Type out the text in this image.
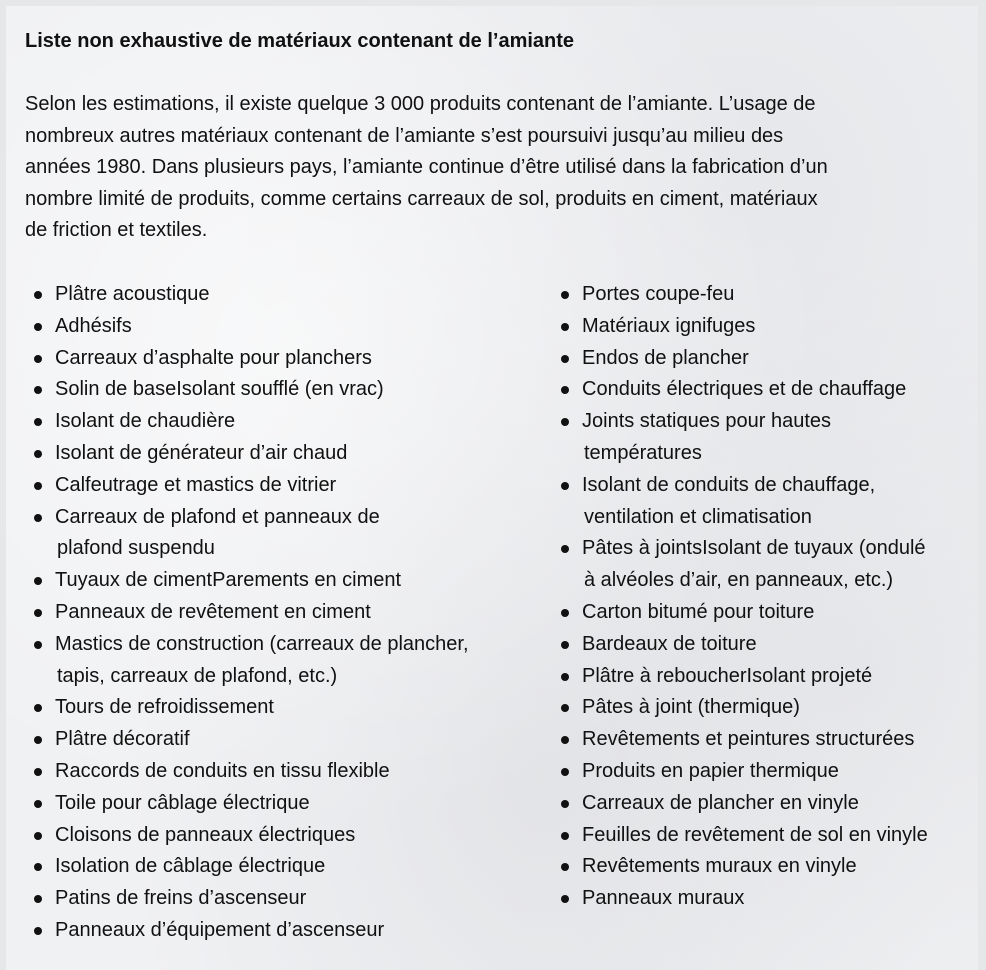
Liste non exhaustive de matériaux contenant de l’amiante

Selon les estimations, il existe quelque 3 000 produits contenant de l’amiante. L’usage de
nombreux autres matériaux contenant de l’amiante s’est poursuivi jusqu’au milieu des
années 1980. Dans plusieurs pays, l’amiante continue d’être utilisé dans la fabrication d’un
nombre limité de produits, comme certains carreaux de sol, produits en ciment, matériaux
de friction et textiles.

Plâtre acoustique
Adhésifs
Carreaux d’asphalte pour planchers
Solin de baseIsolant soufflé (en vrac)
Isolant de chaudière
Isolant de générateur d’air chaud
Calfeutrage et mastics de vitrier
Carreaux de plafond et panneaux de
plafond suspendu
Tuyaux de cimentParements en ciment
Panneaux de revêtement en ciment
Mastics de construction (carreaux de plancher,
tapis, carreaux de plafond, etc.)
Tours de refroidissement
Plâtre décoratif
Raccords de conduits en tissu flexible
Toile pour câblage électrique
Cloisons de panneaux électriques
Isolation de câblage électrique
Patins de freins d’ascenseur
Panneaux d’équipement d’ascenseur
Portes coupe-feu
Matériaux ignifuges
Endos de plancher
Conduits électriques et de chauffage
Joints statiques pour hautes
températures
Isolant de conduits de chauffage,
ventilation et climatisation
Pâtes à jointsIsolant de tuyaux (ondulé
à alvéoles d’air, en panneaux, etc.)
Carton bitumé pour toiture
Bardeaux de toiture
Plâtre à reboucherIsolant projeté
Pâtes à joint (thermique)
Revêtements et peintures structurées
Produits en papier thermique
Carreaux de plancher en vinyle
Feuilles de revêtement de sol en vinyle
Revêtements muraux en vinyle
Panneaux muraux
